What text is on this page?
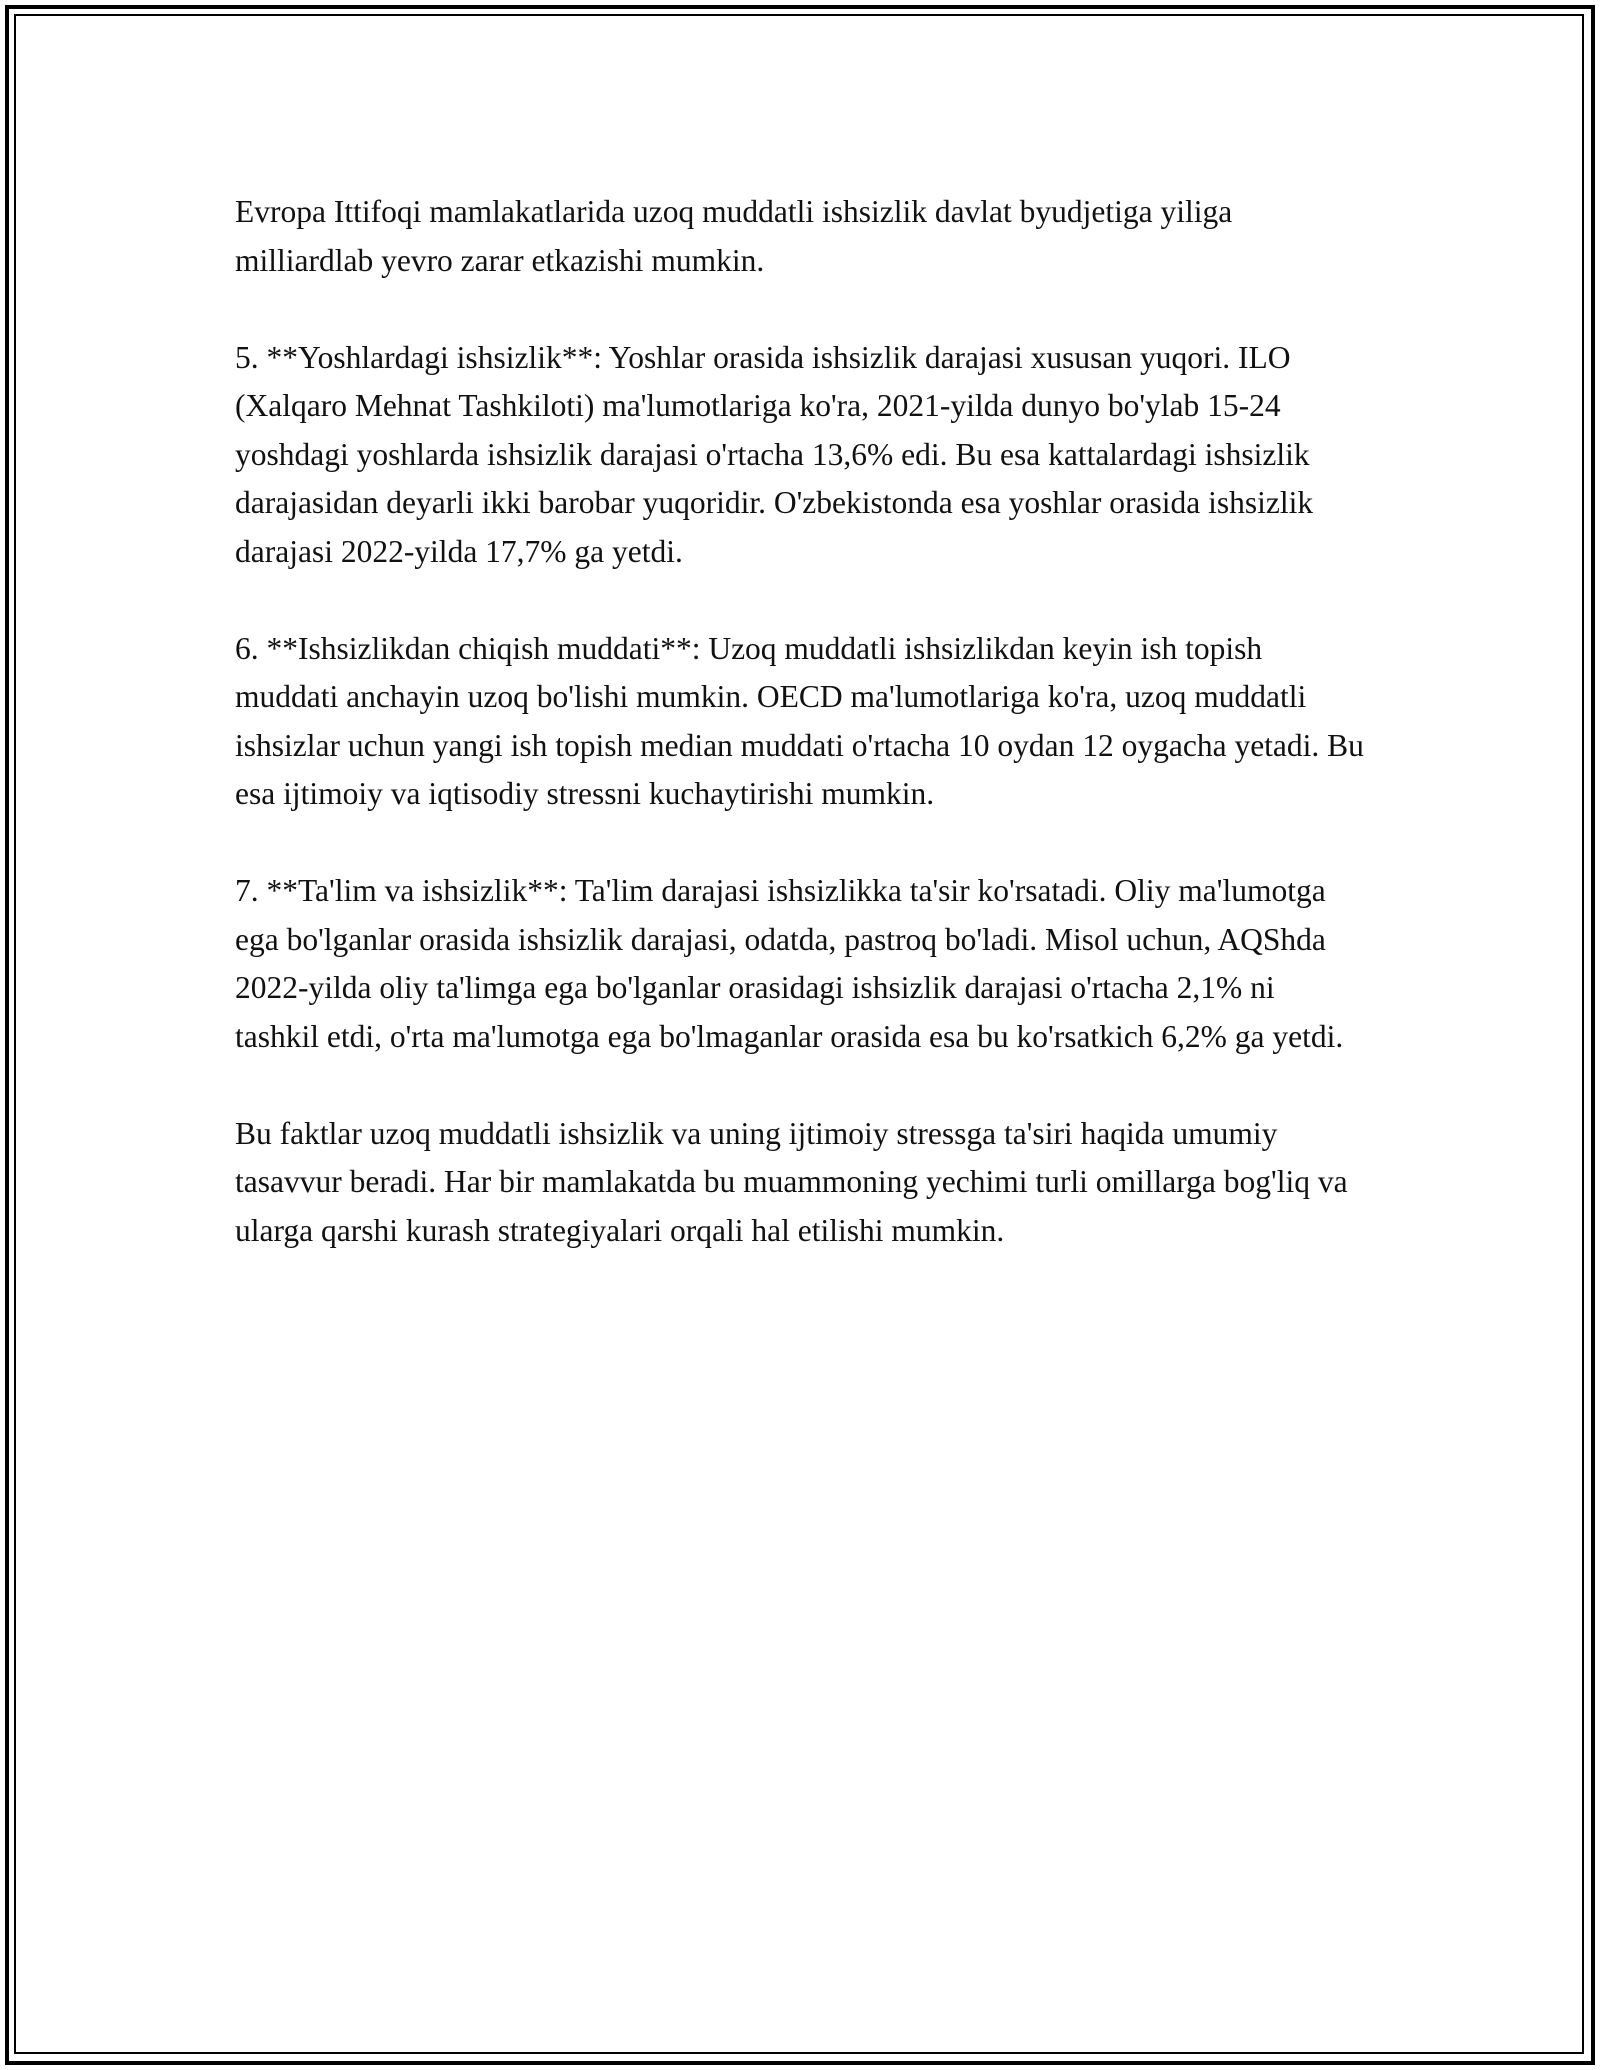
Evropa Ittifoqi mamlakatlarida uzoq muddatli ishsizlik davlat byudjetiga yiliga milliardlab yevro zarar etkazishi mumkin.

5. **Yoshlardagi ishsizlik**: Yoshlar orasida ishsizlik darajasi xususan yuqori. ILO (Xalqaro Mehnat Tashkiloti) ma'lumotlariga ko'ra, 2021-yilda dunyo bo'ylab 15-24 yoshdagi yoshlarda ishsizlik darajasi o'rtacha 13,6% edi. Bu esa kattalardagi ishsizlik darajasidan deyarli ikki barobar yuqoridir. O'zbekistonda esa yoshlar orasida ishsizlik darajasi 2022-yilda 17,7% ga yetdi.

6. **Ishsizlikdan chiqish muddati**: Uzoq muddatli ishsizlikdan keyin ish topish muddati anchayin uzoq bo'lishi mumkin. OECD ma'lumotlariga ko'ra, uzoq muddatli ishsizlar uchun yangi ish topish median muddati o'rtacha 10 oydan 12 oygacha yetadi. Bu esa ijtimoiy va iqtisodiy stressni kuchaytirishi mumkin.

7. **Ta'lim va ishsizlik**: Ta'lim darajasi ishsizlikka ta'sir ko'rsatadi. Oliy ma'lumotga ega bo'lganlar orasida ishsizlik darajasi, odatda, pastroq bo'ladi. Misol uchun, AQShda 2022-yilda oliy ta'limga ega bo'lganlar orasidagi ishsizlik darajasi o'rtacha 2,1% ni tashkil etdi, o'rta ma'lumotga ega bo'lmaganlar orasida esa bu ko'rsatkich 6,2% ga yetdi.

Bu faktlar uzoq muddatli ishsizlik va uning ijtimoiy stressga ta'siri haqida umumiy tasavvur beradi. Har bir mamlakatda bu muammoning yechimi turli omillarga bog'liq va ularga qarshi kurash strategiyalari orqali hal etilishi mumkin.
